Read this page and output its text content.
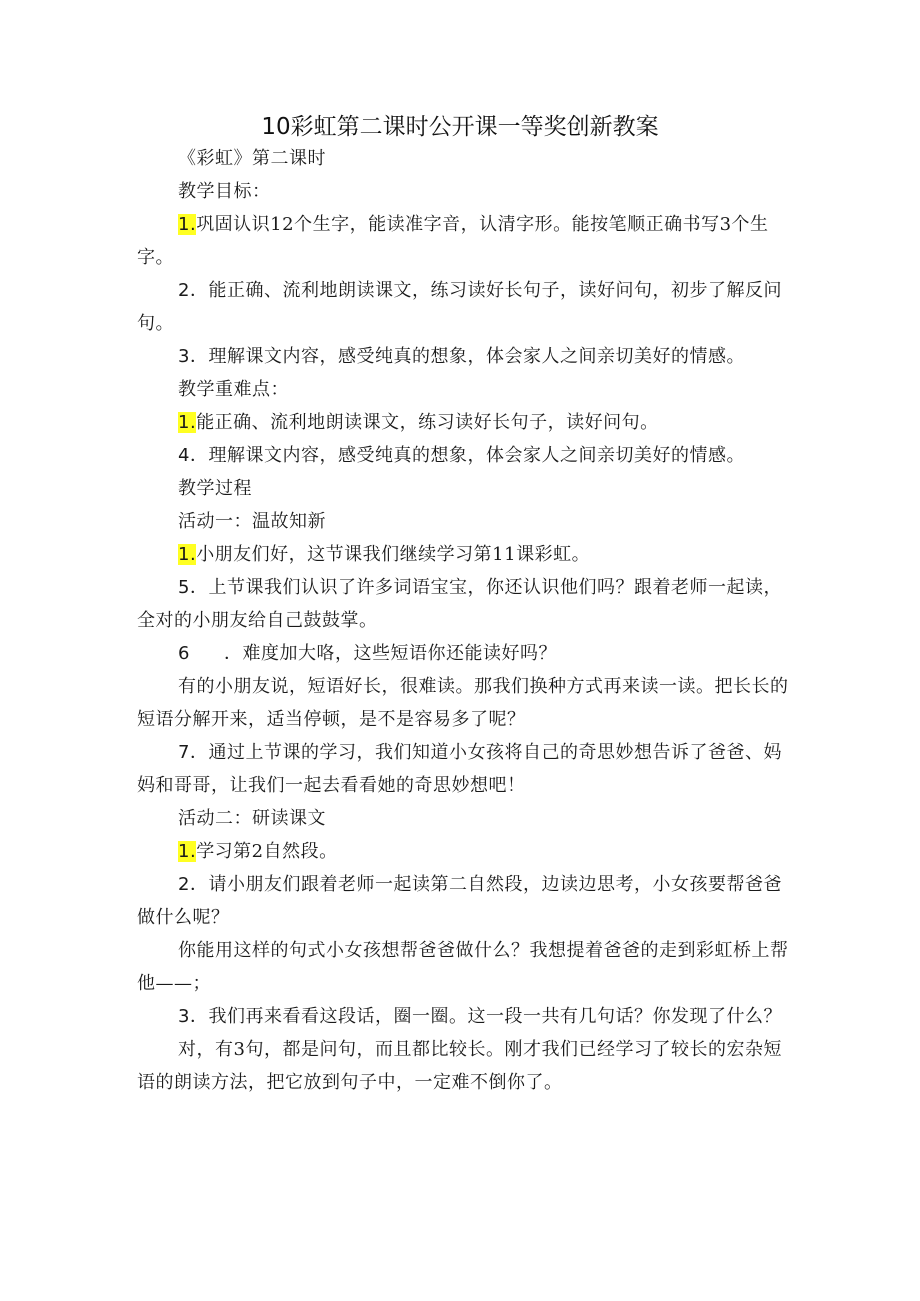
10彩虹第二课时公开课一等奖创新教案

《彩虹》第二课时

教学目标：

1.巩固认识12个生字，能读准字音，认清字形。能按笔顺正确书写3个生字。

2．能正确、流利地朗读课文，练习读好长句子，读好问句，初步了解反问句。

3．理解课文内容，感受纯真的想象，体会家人之间亲切美好的情感。

教学重难点：

1.能正确、流利地朗读课文，练习读好长句子，读好问句。

4．理解课文内容，感受纯真的想象，体会家人之间亲切美好的情感。

教学过程

活动一：温故知新

1.小朋友们好，这节课我们继续学习第11课彩虹。

5．上节课我们认识了许多词语宝宝，你还认识他们吗？跟着老师一起读，全对的小朋友给自己鼓鼓掌。

6 ．难度加大咯，这些短语你还能读好吗？

有的小朋友说，短语好长，很难读。那我们换种方式再来读一读。把长长的短语分解开来，适当停顿，是不是容易多了呢？

7．通过上节课的学习，我们知道小女孩将自己的奇思妙想告诉了爸爸、妈妈和哥哥，让我们一起去看看她的奇思妙想吧！

活动二：研读课文

1.学习第2自然段。

2．请小朋友们跟着老师一起读第二自然段，边读边思考，小女孩要帮爸爸做什么呢？

你能用这样的句式小女孩想帮爸爸做什么？我想提着爸爸的走到彩虹桥上帮他——；

3．我们再来看看这段话，圈一圈。这一段一共有几句话？你发现了什么？

对，有3句，都是问句，而且都比较长。刚才我们已经学习了较长的宏杂短语的朗读方法，把它放到句子中，一定难不倒你了。
